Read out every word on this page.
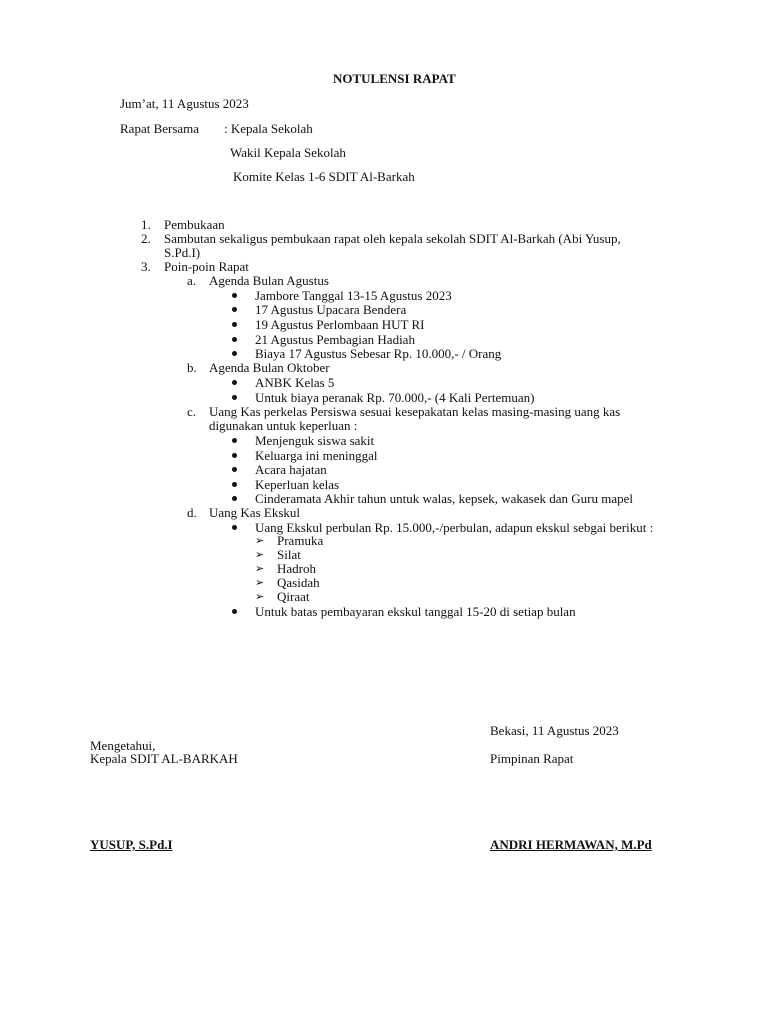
NOTULENSI RAPAT
Jum’at, 11 Agustus 2023
Rapat Bersama : Kepala Sekolah
Wakil Kepala Sekolah
Komite Kelas 1-6 SDIT Al-Barkah
1. Pembukaan
2. Sambutan sekaligus pembukaan rapat oleh kepala sekolah SDIT Al-Barkah (Abi Yusup,
S.Pd.I)
3. Poin-poin Rapat
a. Agenda Bulan Agustus
Jambore Tanggal 13-15 Agustus 2023
17 Agustus Upacara Bendera
19 Agustus Perlombaan HUT RI
21 Agustus Pembagian Hadiah
Biaya 17 Agustus Sebesar Rp. 10.000,- / Orang
b. Agenda Bulan Oktober
ANBK Kelas 5
Untuk biaya peranak Rp. 70.000,- (4 Kali Pertemuan)
c. Uang Kas perkelas Persiswa sesuai kesepakatan kelas masing-masing uang kas
digunakan untuk keperluan :
Menjenguk siswa sakit
Keluarga ini meninggal
Acara hajatan
Keperluan kelas
Cinderamata Akhir tahun untuk walas, kepsek, wakasek dan Guru mapel
d. Uang Kas Ekskul
Uang Ekskul perbulan Rp. 15.000,-/perbulan, adapun ekskul sebgai berikut :
➢ Pramuka
➢ Silat
➢ Hadroh
➢ Qasidah
➢ Qiraat
Untuk batas pembayaran ekskul tanggal 15-20 di setiap bulan
Bekasi, 11 Agustus 2023
Mengetahui,
Kepala SDIT AL-BARKAH	Pimpinan Rapat
YUSUP, S.Pd.I	ANDRI HERMAWAN, M.Pd
